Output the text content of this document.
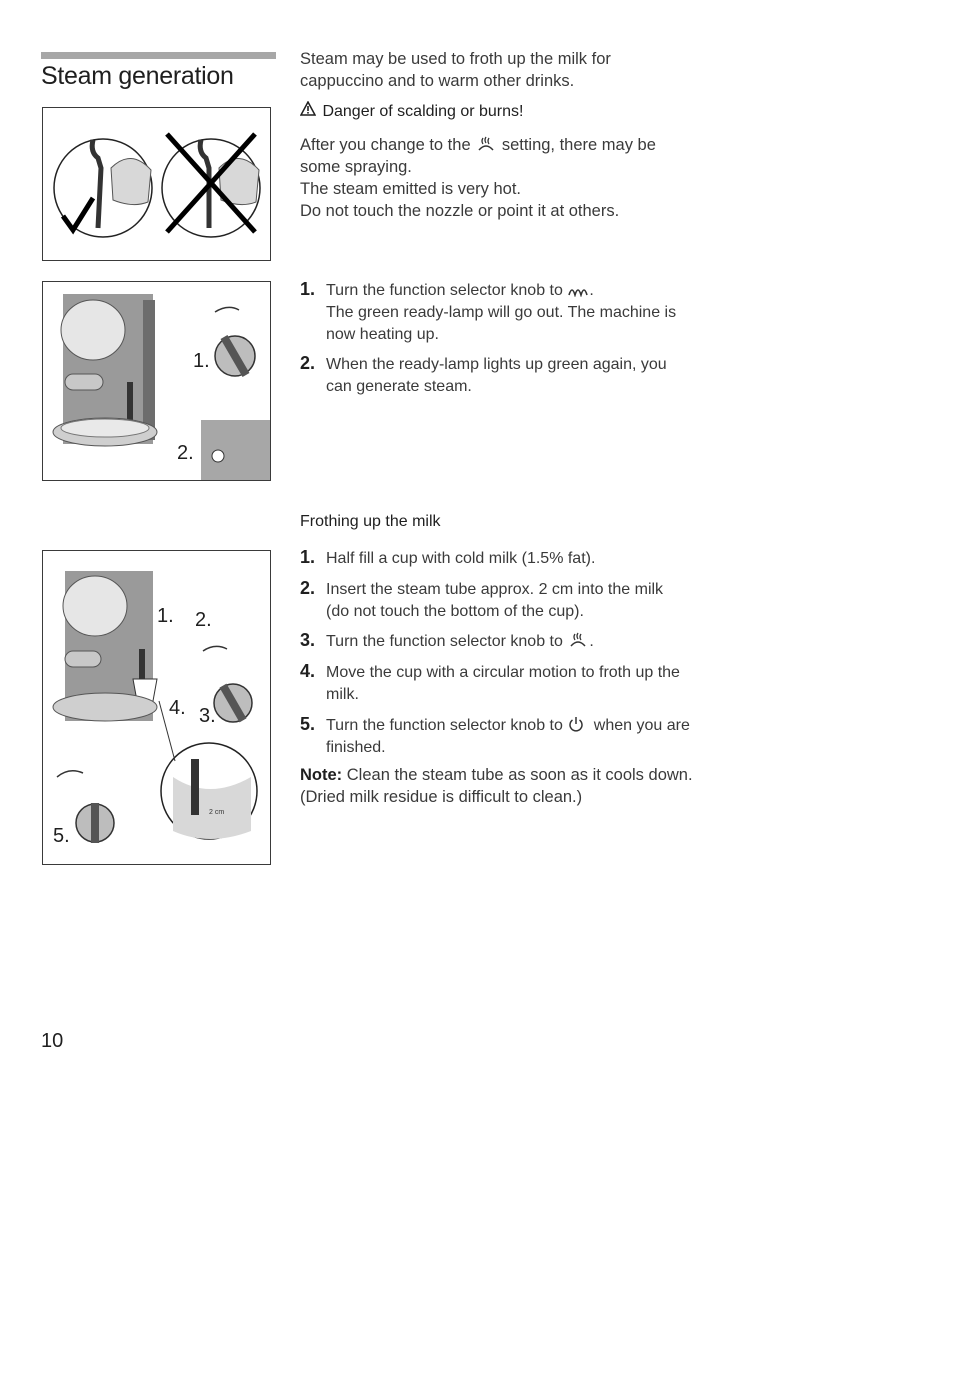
Steam generation
1.
2.
1. 2.
3.
4.
5.
2 cm
Steam may be used to froth up the milk for
cappuccino and to warm other drinks.
Danger of scalding or burns!
After you change to the setting, there may be
some spraying.
The steam emitted is very hot.
Do not touch the nozzle or point it at others.
1. Turn the function selector knob to .
The green ready-lamp will go out. The machine is
now heating up.
2. When the ready-lamp lights up green again, you
can generate steam.
Frothing up the milk
1. Half fill a cup with cold milk (1.5% fat).
2. Insert the steam tube approx. 2 cm into the milk
(do not touch the bottom of the cup).
3. Turn the function selector knob to .
4. Move the cup with a circular motion to froth up the
milk.
5. Turn the function selector knob to when you are
finished.
Note: Clean the steam tube as soon as it cools down.
(Dried milk residue is difficult to clean.)
10
